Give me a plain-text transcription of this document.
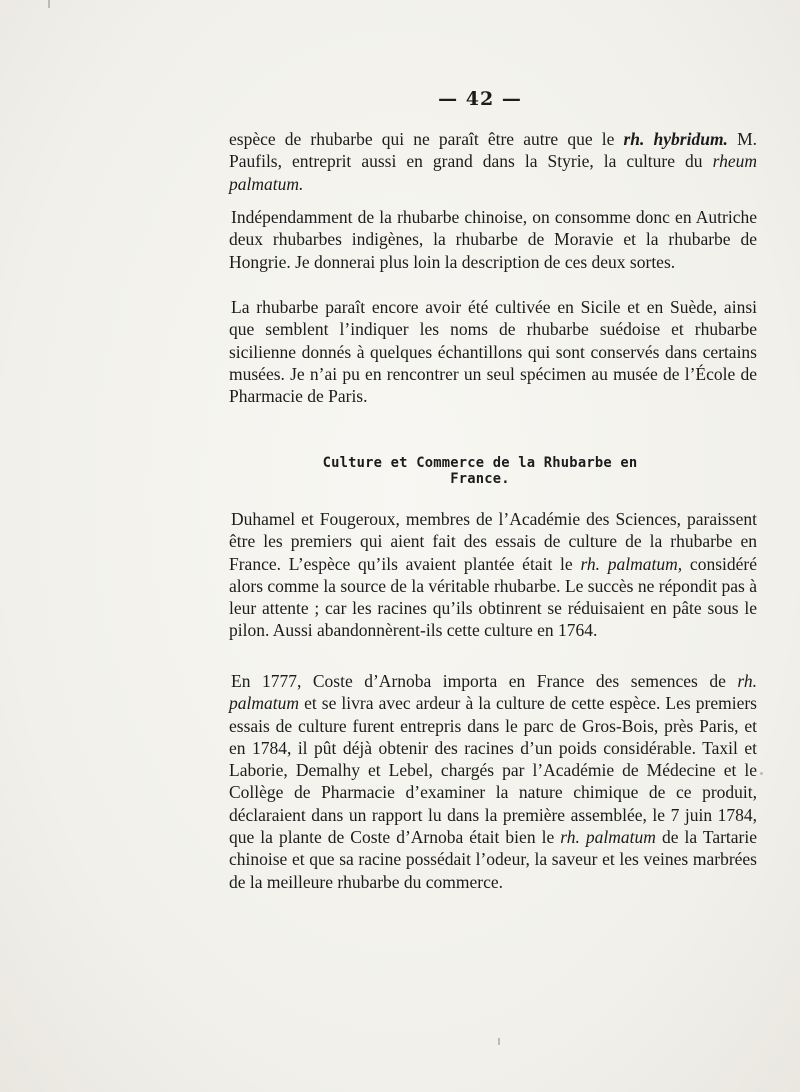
— 42 —

espèce de rhubarbe qui ne paraît être autre que le rh. hybridum. M. Paufils, entreprit aussi en grand dans la Styrie, la culture du rheum palmatum.

Indépendamment de la rhubarbe chinoise, on consomme donc en Autriche deux rhubarbes indigènes, la rhubarbe de Moravie et la rhubarbe de Hongrie. Je donnerai plus loin la description de ces deux sortes.

La rhubarbe paraît encore avoir été cultivée en Sicile et en Suède, ainsi que semblent l’indiquer les noms de rhubarbe suédoise et rhubarbe sicilienne donnés à quelques échantillons qui sont conservés dans certains musées. Je n’ai pu en rencontrer un seul spécimen au musée de l’École de Pharmacie de Paris.

Culture et Commerce de la Rhubarbe en France.

Duhamel et Fougeroux, membres de l’Académie des Sciences, paraissent être les premiers qui aient fait des essais de culture de la rhubarbe en France. L’espèce qu’ils avaient plantée était le rh. palmatum, considéré alors comme la source de la véritable rhubarbe. Le succès ne répondit pas à leur attente ; car les racines qu’ils obtinrent se réduisaient en pâte sous le pilon. Aussi abandonnèrent-ils cette culture en 1764.

En 1777, Coste d’Arnoba importa en France des semences de rh. palmatum et se livra avec ardeur à la culture de cette espèce. Les premiers essais de culture furent entrepris dans le parc de Gros-Bois, près Paris, et en 1784, il pût déjà obtenir des racines d’un poids considérable. Taxil et Laborie, Demalhy et Lebel, chargés par l’Académie de Médecine et le Collège de Pharmacie d’examiner la nature chimique de ce produit, déclaraient dans un rapport lu dans la première assemblée, le 7 juin 1784, que la plante de Coste d’Arnoba était bien le rh. palmatum de la Tartarie chinoise et que sa racine possédait l’odeur, la saveur et les veines marbrées de la meilleure rhubarbe du commerce.
